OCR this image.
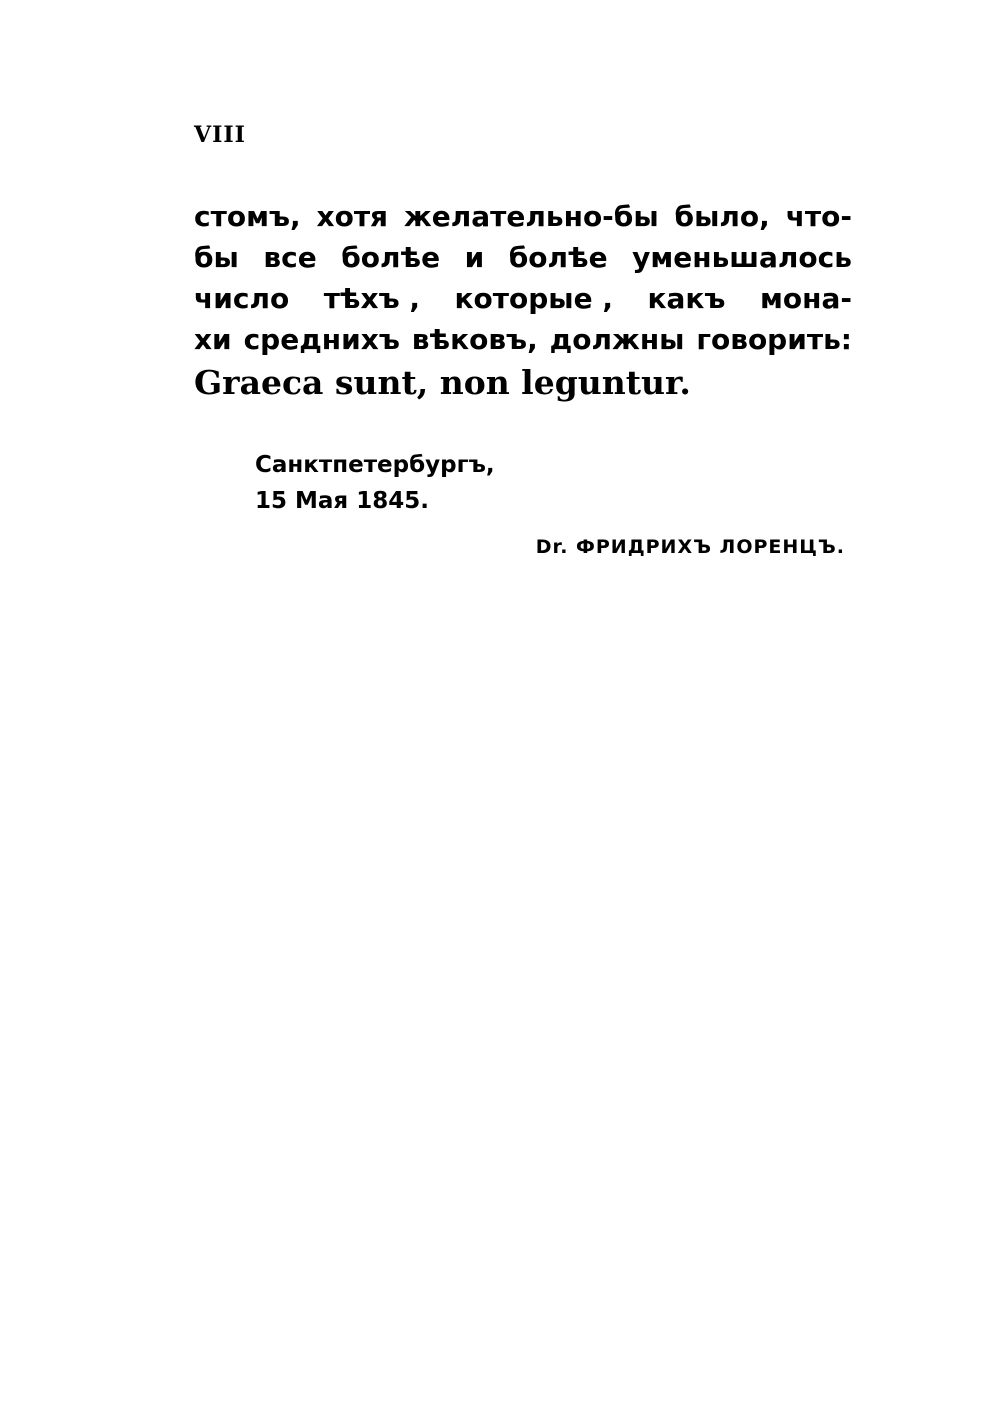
VIII
стомъ, хотя желательно-бы было, что-
бы все болѣе и болѣе уменьшалось
число тѣхъ , которые , какъ мона-
хи среднихъ вѣковъ, должны говорить:
Graeca sunt, non leguntur.
Санктпетербургъ,
15 Мая 1845.
Dr. ФРИДРИХЪ ЛОРЕНЦЪ.
